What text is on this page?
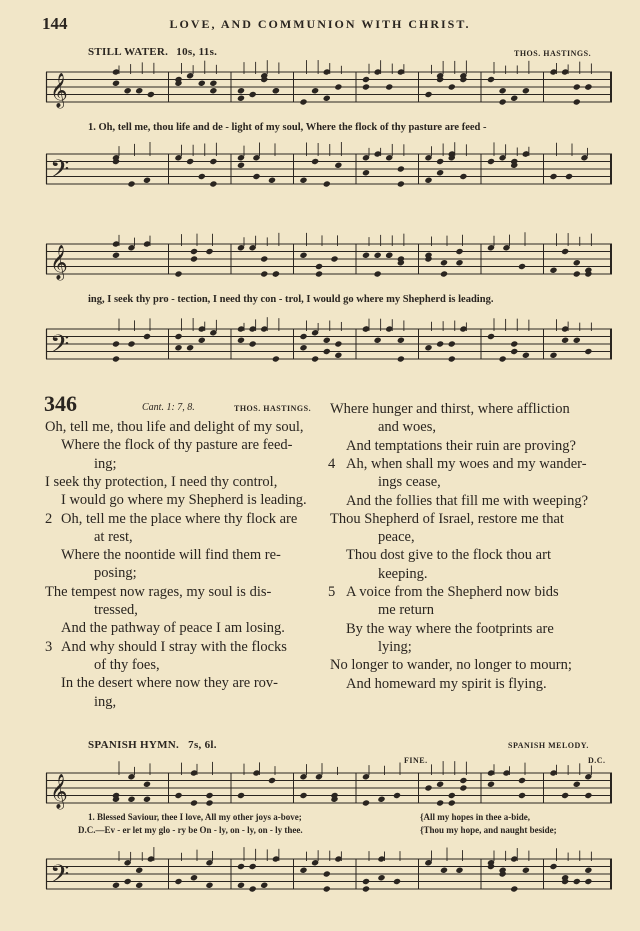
144	LOVE, AND COMMUNION WITH CHRIST.
STILL WATER. 10s, 11s.	THOS. HASTINGS.
𝄞
1. Oh, tell me, thou life and de - light of my soul, Where the flock of thy pasture are feed -
𝄢
𝄞
ing, I seek thy pro - tection, I need thy con - trol, I would go where my Shepherd is leading.
𝄢
346	Cant. 1: 7, 8.	THOS. HASTINGS.
Oh, tell me, thou life and delight of my soul,
Where the flock of thy pasture are feed-
ing;
I seek thy protection, I need thy control,
I would go where my Shepherd is leading.
2 Oh, tell me the place where thy flock are
at rest,
Where the noontide will find them re-
posing;
The tempest now rages, my soul is dis-
tressed,
And the pathway of peace I am losing.
3 And why should I stray with the flocks
of thy foes,
In the desert where now they are rov-
ing,
Where hunger and thirst, where affliction
and woes,
And temptations their ruin are proving?
4 Ah, when shall my woes and my wander-
ings cease,
And the follies that fill me with weeping?
Thou Shepherd of Israel, restore me that
peace,
Thou dost give to the flock thou art
keeping.
5 A voice from the Shepherd now bids
me return
By the way where the footprints are
lying;
No longer to wander, no longer to mourn;
And homeward my spirit is flying.
SPANISH HYMN. 7s, 6l.	SPANISH MELODY.
FINE.	D.C.
𝄞
1. Blessed Saviour, thee I love, All my other joys a-bove;
D.C.—Ev - er let my glo - ry be On - ly, on - ly, on - ly thee.
{All my hopes in thee a-bide,
{Thou my hope, and naught beside;
𝄢
